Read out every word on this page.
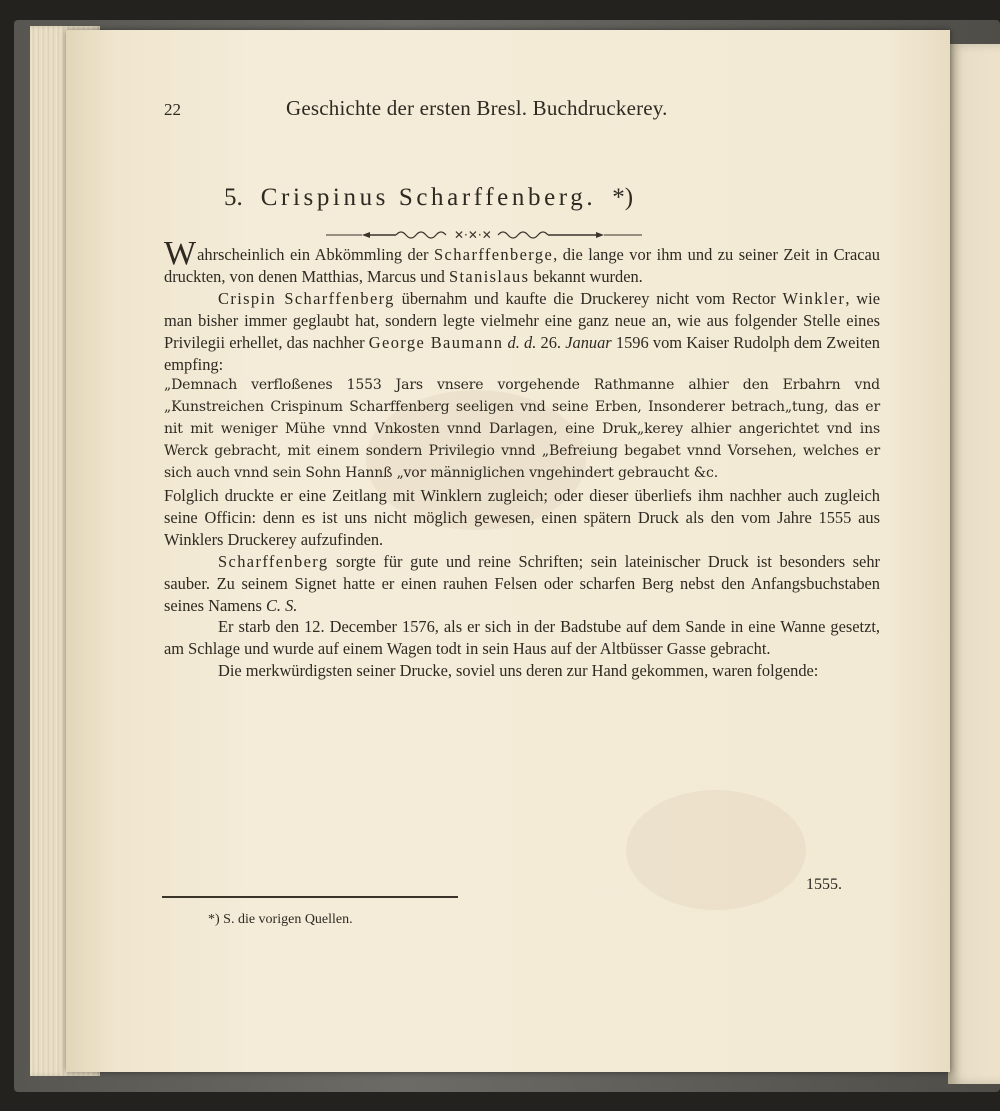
22	Geschichte der ersten Bresl. Buchdruckerey.
5. Crispinus Scharffenberg. *)
✕·✕·✕

Wahrscheinlich ein Abkömmling der Scharffenberge, die lange vor ihm und zu seiner Zeit in Cracau druckten, von denen Matthias, Marcus und Stanislaus bekannt wurden.

Crispin Scharffenberg übernahm und kaufte die Druckerey nicht vom Rector Winkler, wie man bisher immer geglaubt hat, sondern legte vielmehr eine ganz neue an, wie aus folgender Stelle eines Privilegii erhellet, das nachher George Baumann d. d. 26. Januar 1596 vom Kaiser Rudolph dem Zweiten empfing:

„Demnach verfloßenes 1553 Jars vnsere vorgehende Rathmanne alhier den Erbahrn vnd „Kunstreichen Crispinum Scharffenberg seeligen vnd seine Erben, Insonderer betrach„tung, das er nit mit weniger Mühe vnnd Vnkosten vnnd Darlagen, eine Druk„kerey alhier angerichtet vnd ins Werck gebracht, mit einem sondern Privilegio vnnd „Befreiung begabet vnnd Vorsehen, welches er sich auch vnnd sein Sohn Hannß „vor männiglichen vngehindert gebraucht &c.

Folglich druckte er eine Zeitlang mit Winklern zugleich; oder dieser überliefs ihm nachher auch zugleich seine Officin: denn es ist uns nicht möglich gewesen, einen spätern Druck als den vom Jahre 1555 aus Winklers Druckerey aufzufinden.

Scharffenberg sorgte für gute und reine Schriften; sein lateinischer Druck ist besonders sehr sauber. Zu seinem Signet hatte er einen rauhen Felsen oder scharfen Berg nebst den Anfangsbuchstaben seines Namens C. S.

Er starb den 12. December 1576, als er sich in der Badstube auf dem Sande in eine Wanne gesetzt, am Schlage und wurde auf einem Wagen todt in sein Haus auf der Altbüsser Gasse gebracht.

Die merkwürdigsten seiner Drucke, soviel uns deren zur Hand gekommen, waren folgende:

1555.
*) S. die vorigen Quellen.
